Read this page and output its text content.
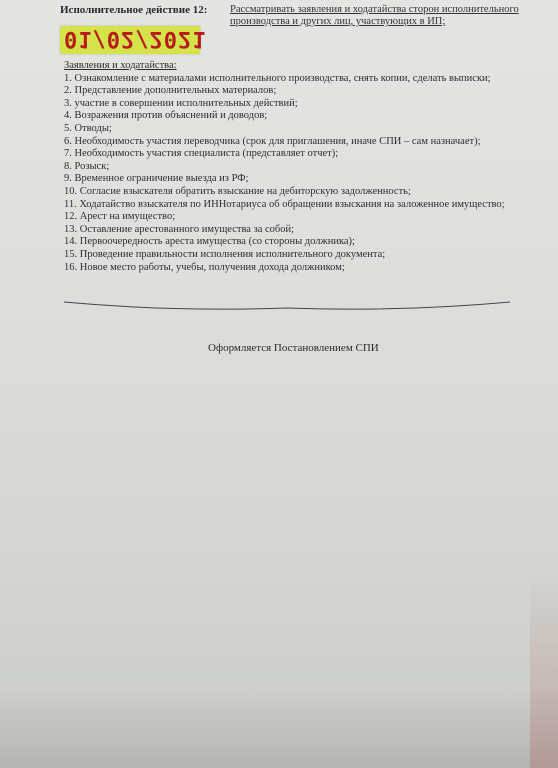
Исполнительное действие 12: Рассматривать заявления и ходатайства сторон исполнительного производства и других лиц, участвующих в ИП;
01/02/2021
Заявления и ходатайства:
1. Ознакомление с материалами исполнительного производства, снять копии, сделать выписки;
2. Представление дополнительных материалов;
3. участие в совершении исполнительных действий;
4. Возражения против объяснений и доводов;
5. Отводы;
6. Необходимость участия переводчика (срок для приглашения, иначе СПИ – сам назначает);
7. Необходимость участия специалиста (представляет отчет);
8. Розыск;
9. Временное ограничение выезда из РФ;
10. Согласие взыскателя обратить взыскание на дебиторскую задолженность;
11. Ходатайство взыскателя по ИННотариуса об обращении взыскания на заложенное имущество;
12. Арест на имущество;
13. Оставление арестованного имущества за собой;
14. Первоочередность ареста имущества (со стороны должника);
15. Проведение правильности исполнения исполнительного документа;
16. Новое место работы, учебы, получения дохода должником;
Оформляется Постановлением СПИ
